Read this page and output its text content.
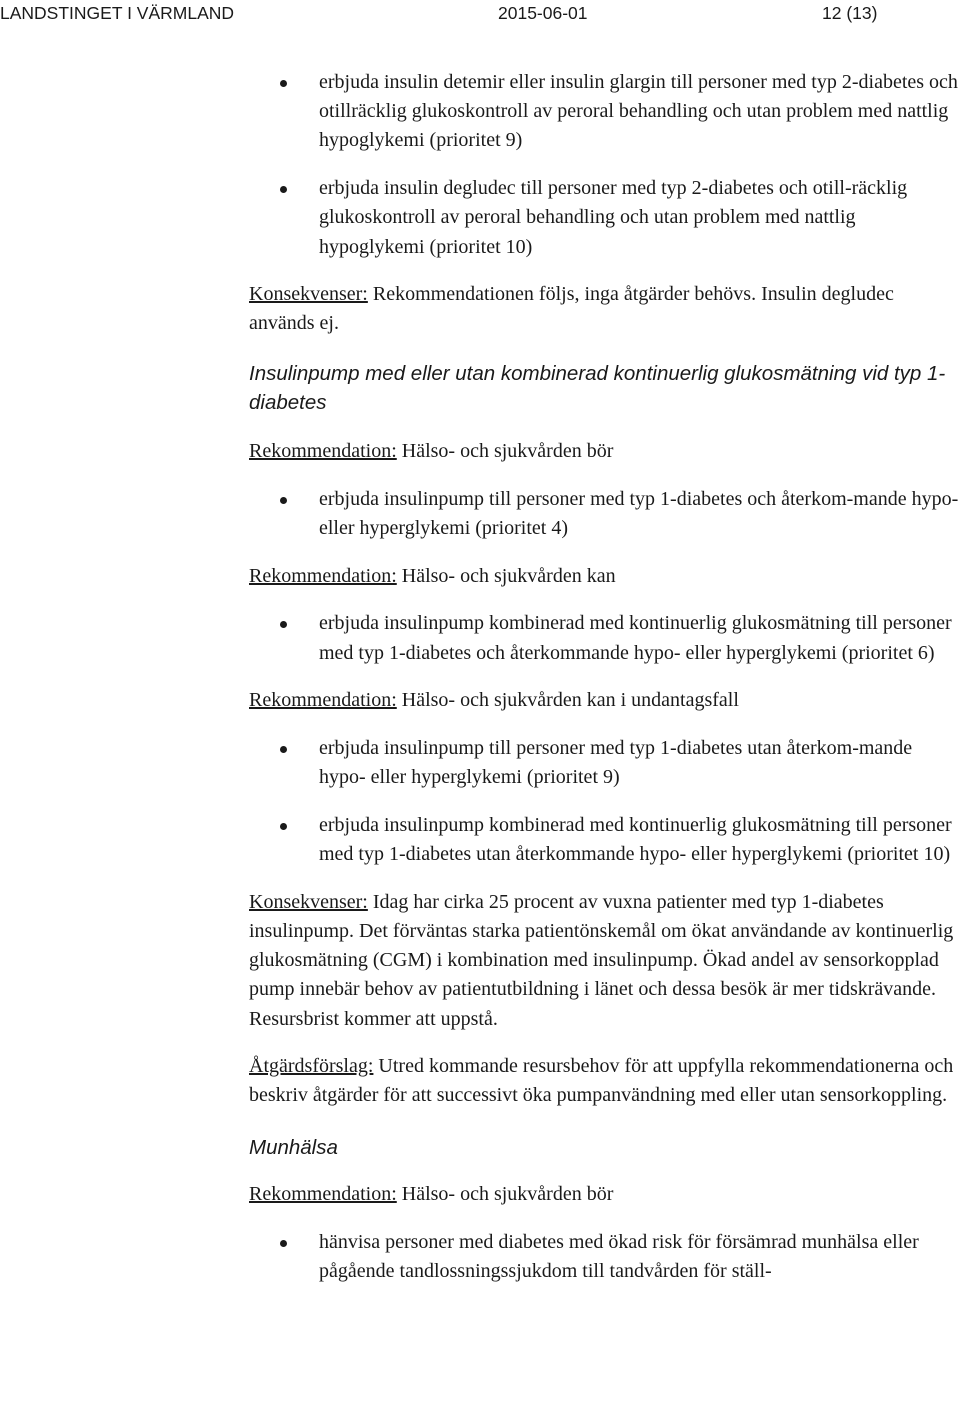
LANDSTINGET I VÄRMLAND	2015-06-01	12 (13)
erbjuda insulin detemir eller insulin glargin till personer med typ 2-diabetes och otillräcklig glukoskontroll av peroral behandling och utan problem med nattlig hypoglykemi (prioritet 9)
erbjuda insulin degludec till personer med typ 2-diabetes och otill-räcklig glukoskontroll av peroral behandling och utan problem med nattlig hypoglykemi (prioritet 10)

Konsekvenser: Rekommendationen följs, inga åtgärder behövs. Insulin degludec används ej.

Insulinpump med eller utan kombinerad kontinuerlig glukosmätning vid typ 1-diabetes

Rekommendation: Hälso- och sjukvården bör

erbjuda insulinpump till personer med typ 1-diabetes och återkom-mande hypo- eller hyperglykemi (prioritet 4)

Rekommendation: Hälso- och sjukvården kan

erbjuda insulinpump kombinerad med kontinuerlig glukosmätning till personer med typ 1-diabetes och återkommande hypo- eller hyperglykemi (prioritet 6)

Rekommendation: Hälso- och sjukvården kan i undantagsfall

erbjuda insulinpump till personer med typ 1-diabetes utan återkom-mande hypo- eller hyperglykemi (prioritet 9)
erbjuda insulinpump kombinerad med kontinuerlig glukosmätning till personer med typ 1-diabetes utan återkommande hypo- eller hyperglykemi (prioritet 10)

Konsekvenser: Idag har cirka 25 procent av vuxna patienter med typ 1-diabetes insulinpump. Det förväntas starka patientönskemål om ökat användande av kontinuerlig glukosmätning (CGM) i kombination med insulinpump. Ökad andel av sensorkopplad pump innebär behov av patientutbildning i länet och dessa besök är mer tidskrävande. Resursbrist kommer att uppstå.

Åtgärdsförslag: Utred kommande resursbehov för att uppfylla rekommendationerna och beskriv åtgärder för att successivt öka pumpanvändning med eller utan sensorkoppling.

Munhälsa

Rekommendation: Hälso- och sjukvården bör

hänvisa personer med diabetes med ökad risk för försämrad munhälsa eller pågående tandlossningssjukdom till tandvården för ställ-
